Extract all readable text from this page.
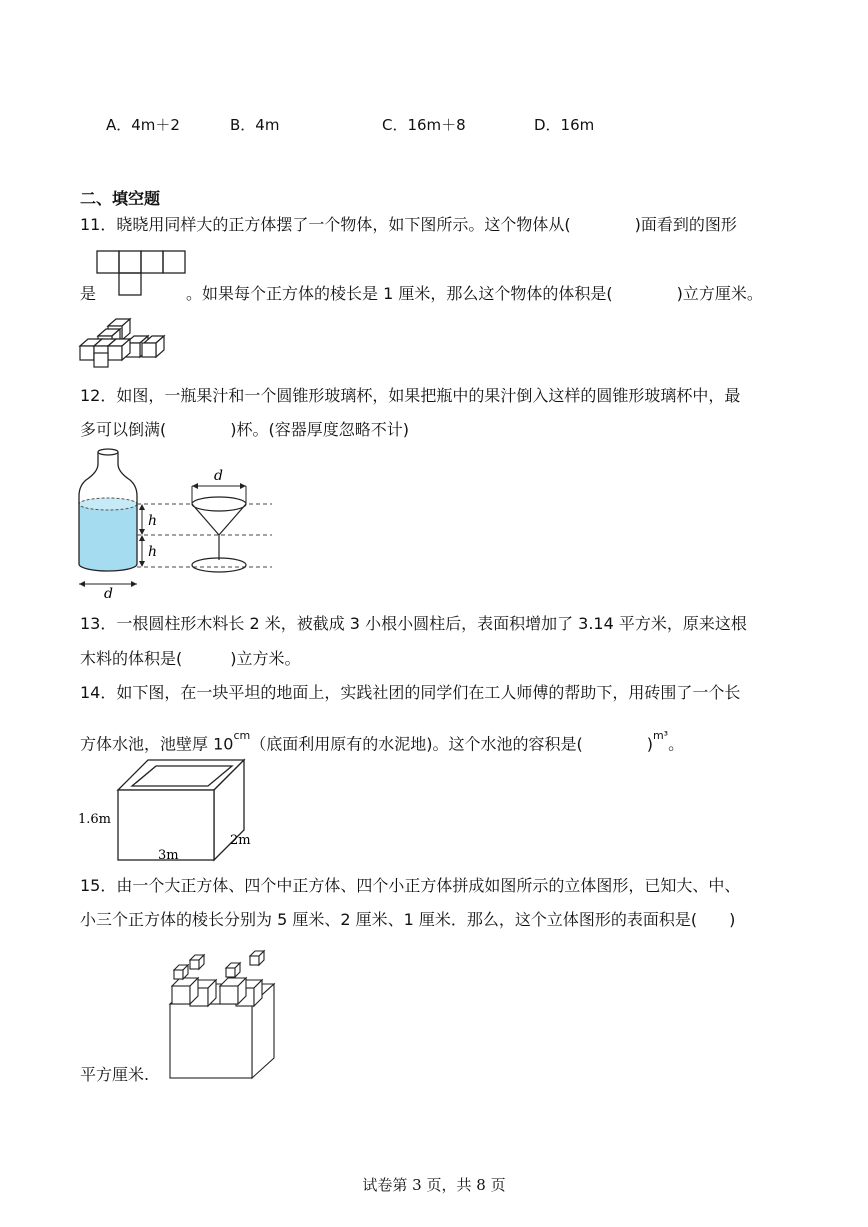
A．4m＋2	B．4m	C．16m＋8	D．16m
二、填空题
11．晓晓用同样大的正方体摆了一个物体，如下图所示。这个物体从(　　　　)面看到的图形
是	。如果每个正方体的棱长是 1 厘米，那么这个物体的体积是(　　　　)立方厘米。
12．如图，一瓶果汁和一个圆锥形玻璃杯，如果把瓶中的果汁倒入这样的圆锥形玻璃杯中，最
多可以倒满(　　　　)杯。(容器厚度忽略不计)
h
h
d
d
13．一根圆柱形木料长 2 米，被截成 3 小根小圆柱后，表面积增加了 3.14 平方米，原来这根
木料的体积是(　　　)立方米。
14．如下图，在一块平坦的地面上，实践社团的同学们在工人师傅的帮助下，用砖围了一个长
方体水池，池壁厚 $10^{cm}$（底面利用原有的水泥地)。这个水池的容积是(　　　　)$^{m^3}$。
1.6m
2m
3m
15．由一个大正方体、四个中正方体、四个小正方体拼成如图所示的立体图形，已知大、中、
小三个正方体的棱长分别为 5 厘米、2 厘米、1 厘米．那么，这个立体图形的表面积是(　　)
平方厘米.
试卷第 3 页，共 8 页
